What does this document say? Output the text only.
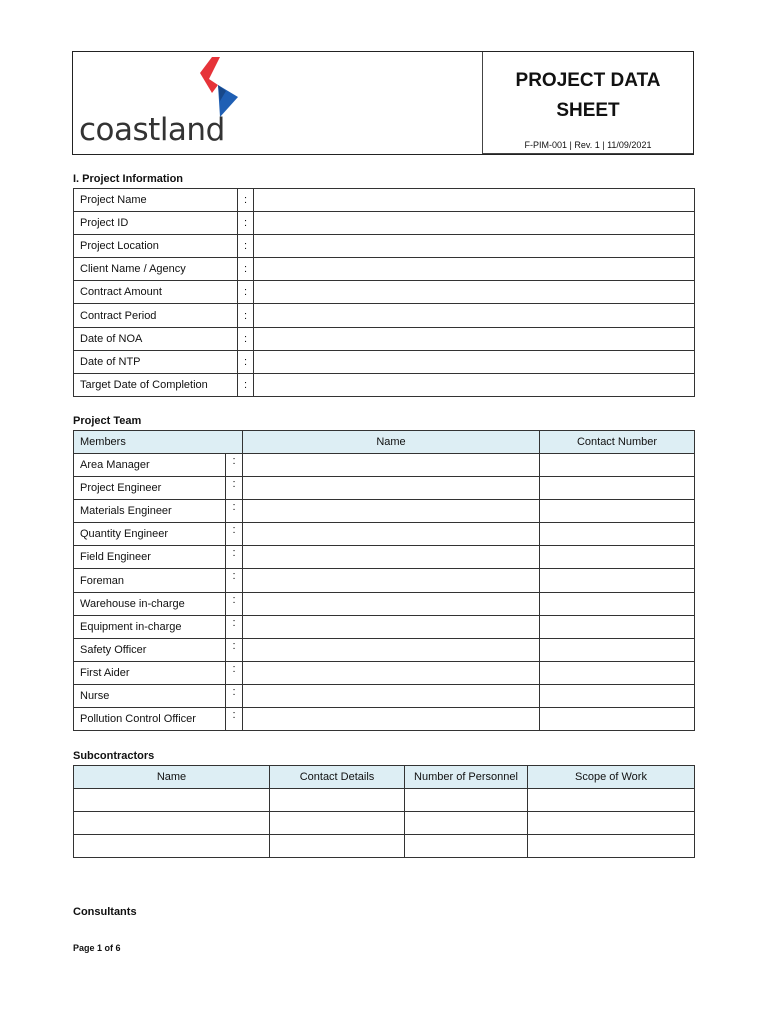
coastland
PROJECT DATA SHEET
F-PIM-001 | Rev. 1 | 11/09/2021
I. Project Information
Project Name	:	
Project ID	:	
Project Location	:	
Client Name / Agency	:	
Contract Amount	:	
Contract Period	:	
Date of NOA	:	
Date of NTP	:	
Target Date of Completion	:	
Project Team
Members		Name	Contact Number
Area Manager	:		
Project Engineer	:		
Materials Engineer	:		
Quantity Engineer	:		
Field Engineer	:		
Foreman	:		
Warehouse in-charge	:		
Equipment in-charge	:		
Safety Officer	:		
First Aider	:		
Nurse	:		
Pollution Control Officer	:		
Subcontractors
Name	Contact Details	Number of Personnel	Scope of Work

Consultants
Page 1 of 6
